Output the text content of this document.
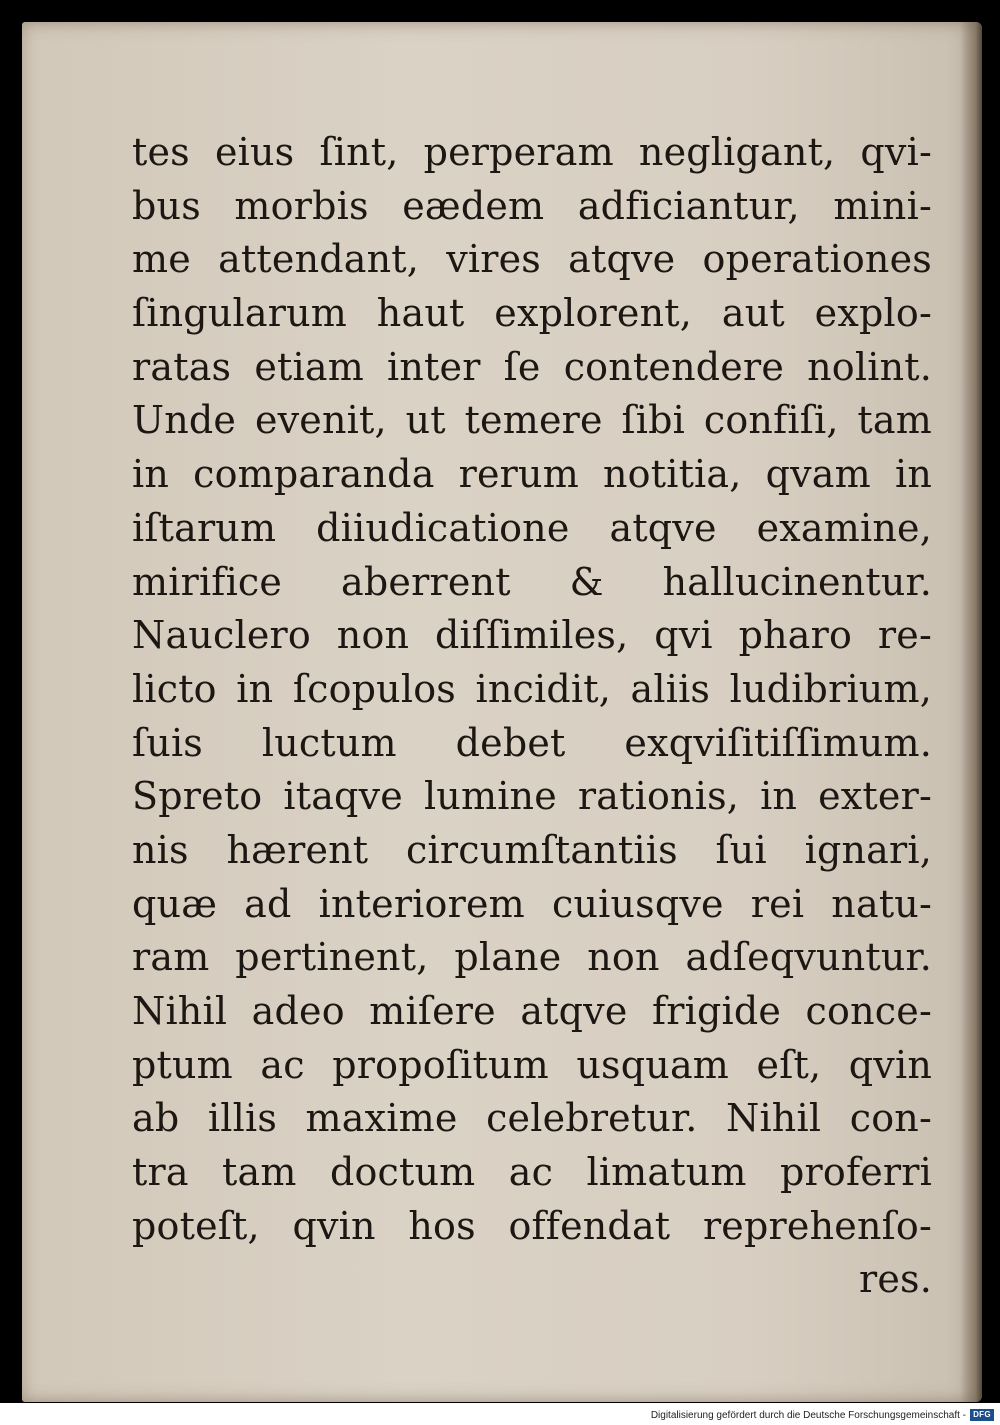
tes eius ſint, perperam negligant, qvi-
bus morbis eædem adficiantur, mini-
me attendant, vires atqve operationes
ſingularum haut explorent, aut explo-
ratas etiam inter ſe contendere nolint.
Unde evenit, ut temere ſibi confiſi, tam
in comparanda rerum notitia, qvam in
iſtarum diiudicatione atqve examine,
mirifice aberrent & hallucinentur.
Nauclero non diſſimiles, qvi pharo re-
licto in ſcopulos incidit, aliis ludibrium,
ſuis luctum debet exqviſitiſſimum.
Spreto itaqve lumine rationis, in exter-
nis hærent circumſtantiis ſui ignari,
quæ ad interiorem cuiusqve rei natu-
ram pertinent, plane non adſeqvuntur.
Nihil adeo miſere atqve frigide conce-
ptum ac propoſitum usquam eſt, qvin
ab illis maxime celebretur. Nihil con-
tra tam doctum ac limatum proferri
poteſt, qvin hos offendat reprehenſo-
res.
Digitalisierung gefördert durch die Deutsche Forschungsgemeinschaft - DFG
